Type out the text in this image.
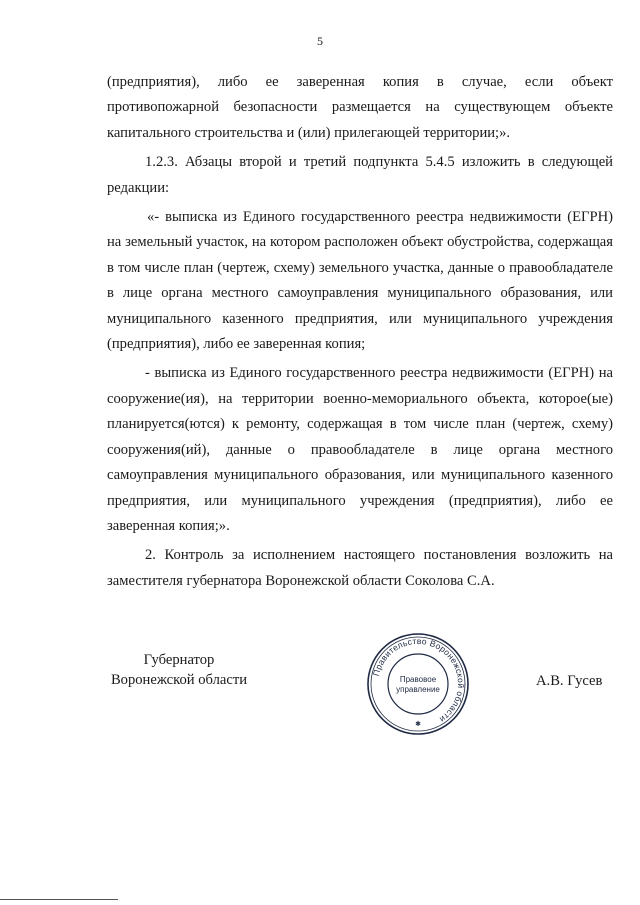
5

(предприятия), либо ее заверенная копия в случае, если объект противопожарной безопасности размещается на существующем объекте капитального строительства и (или) прилегающей территории;».

1.2.3. Абзацы второй и третий подпункта 5.4.5 изложить в следующей редакции:

«- выписка из Единого государственного реестра недвижимости (ЕГРН) на земельный участок, на котором расположен объект обустройства, содержащая в том числе план (чертеж, схему) земельного участка, данные о правообладателе в лице органа местного самоуправления муниципального образования, или муниципального казенного предприятия, или муниципального учреждения (предприятия), либо ее заверенная копия;

- выписка из Единого государственного реестра недвижимости (ЕГРН) на сооружение(ия), на территории военно-мемориального объекта, которое(ые) планируется(ются) к ремонту, содержащая в том числе план (чертеж, схему) сооружения(ий), данные о правообладателе в лице органа местного самоуправления муниципального образования, или муниципального казенного предприятия, или муниципального учреждения (предприятия), либо ее заверенная копия;».

2. Контроль за исполнением настоящего постановления возложить на заместителя губернатора Воронежской области Соколова С.А.

Губернатор
Воронежской области	Правительство Воронежской области
Правовое
управление
✱
А.В. Гусев
